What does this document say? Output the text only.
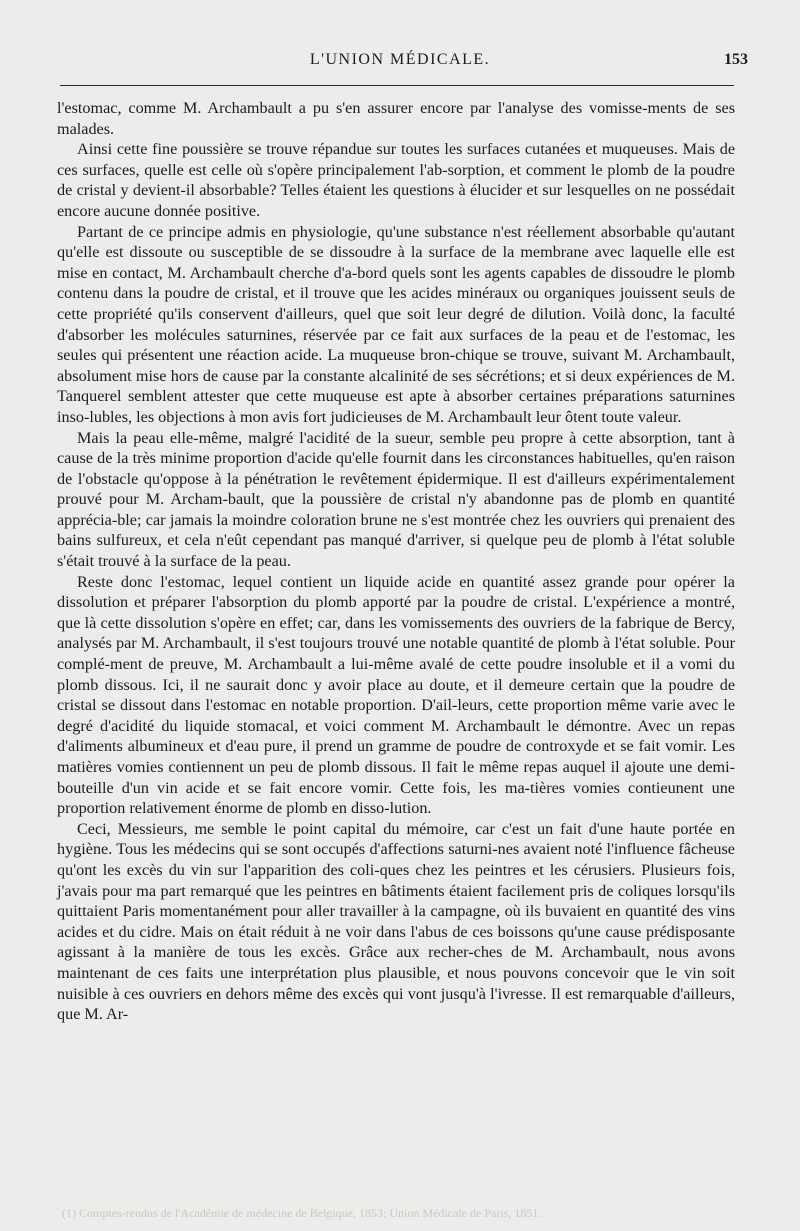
L'UNION MÉDICALE.	153

l'estomac, comme M. Archambault a pu s'en assurer encore par l'analyse des vomisse-ments de ses malades.

Ainsi cette fine poussière se trouve répandue sur toutes les surfaces cutanées et muqueuses. Mais de ces surfaces, quelle est celle où s'opère principalement l'ab-sorption, et comment le plomb de la poudre de cristal y devient-il absorbable? Telles étaient les questions à élucider et sur lesquelles on ne possédait encore aucune donnée positive.

Partant de ce principe admis en physiologie, qu'une substance n'est réellement absorbable qu'autant qu'elle est dissoute ou susceptible de se dissoudre à la surface de la membrane avec laquelle elle est mise en contact, M. Archambault cherche d'a-bord quels sont les agents capables de dissoudre le plomb contenu dans la poudre de cristal, et il trouve que les acides minéraux ou organiques jouissent seuls de cette propriété qu'ils conservent d'ailleurs, quel que soit leur degré de dilution. Voilà donc, la faculté d'absorber les molécules saturnines, réservée par ce fait aux surfaces de la peau et de l'estomac, les seules qui présentent une réaction acide. La muqueuse bron-chique se trouve, suivant M. Archambault, absolument mise hors de cause par la constante alcalinité de ses sécrétions; et si deux expériences de M. Tanquerel semblent attester que cette muqueuse est apte à absorber certaines préparations saturnines inso-lubles, les objections à mon avis fort judicieuses de M. Archambault leur ôtent toute valeur.

Mais la peau elle-même, malgré l'acidité de la sueur, semble peu propre à cette absorption, tant à cause de la très minime proportion d'acide qu'elle fournit dans les circonstances habituelles, qu'en raison de l'obstacle qu'oppose à la pénétration le revêtement épidermique. Il est d'ailleurs expérimentalement prouvé pour M. Archam-bault, que la poussière de cristal n'y abandonne pas de plomb en quantité apprécia-ble; car jamais la moindre coloration brune ne s'est montrée chez les ouvriers qui prenaient des bains sulfureux, et cela n'eût cependant pas manqué d'arriver, si quelque peu de plomb à l'état soluble s'était trouvé à la surface de la peau.

Reste donc l'estomac, lequel contient un liquide acide en quantité assez grande pour opérer la dissolution et préparer l'absorption du plomb apporté par la poudre de cristal. L'expérience a montré, que là cette dissolution s'opère en effet; car, dans les vomissements des ouvriers de la fabrique de Bercy, analysés par M. Archambault, il s'est toujours trouvé une notable quantité de plomb à l'état soluble. Pour complé-ment de preuve, M. Archambault a lui-même avalé de cette poudre insoluble et il a vomi du plomb dissous. Ici, il ne saurait donc y avoir place au doute, et il demeure certain que la poudre de cristal se dissout dans l'estomac en notable proportion. D'ail-leurs, cette proportion même varie avec le degré d'acidité du liquide stomacal, et voici comment M. Archambault le démontre. Avec un repas d'aliments albumineux et d'eau pure, il prend un gramme de poudre de controxyde et se fait vomir. Les matières vomies contiennent un peu de plomb dissous. Il fait le même repas auquel il ajoute une demi-bouteille d'un vin acide et se fait encore vomir. Cette fois, les ma-tières vomies contieunent une proportion relativement énorme de plomb en disso-lution.

Ceci, Messieurs, me semble le point capital du mémoire, car c'est un fait d'une haute portée en hygiène. Tous les médecins qui se sont occupés d'affections saturni-nes avaient noté l'influence fâcheuse qu'ont les excès du vin sur l'apparition des coli-ques chez les peintres et les cérusiers. Plusieurs fois, j'avais pour ma part remarqué que les peintres en bâtiments étaient facilement pris de coliques lorsqu'ils quittaient Paris momentanément pour aller travailler à la campagne, où ils buvaient en quantité des vins acides et du cidre. Mais on était réduit à ne voir dans l'abus de ces boissons qu'une cause prédisposante agissant à la manière de tous les excès. Grâce aux recher-ches de M. Archambault, nous avons maintenant de ces faits une interprétation plus plausible, et nous pouvons concevoir que le vin soit nuisible à ces ouvriers en dehors même des excès qui vont jusqu'à l'ivresse. Il est remarquable d'ailleurs, que M. Ar-

(1) Comptes-rendus de l'Académie de médecine de Belgique, 1853; Union Médicale de Paris, 1851.
